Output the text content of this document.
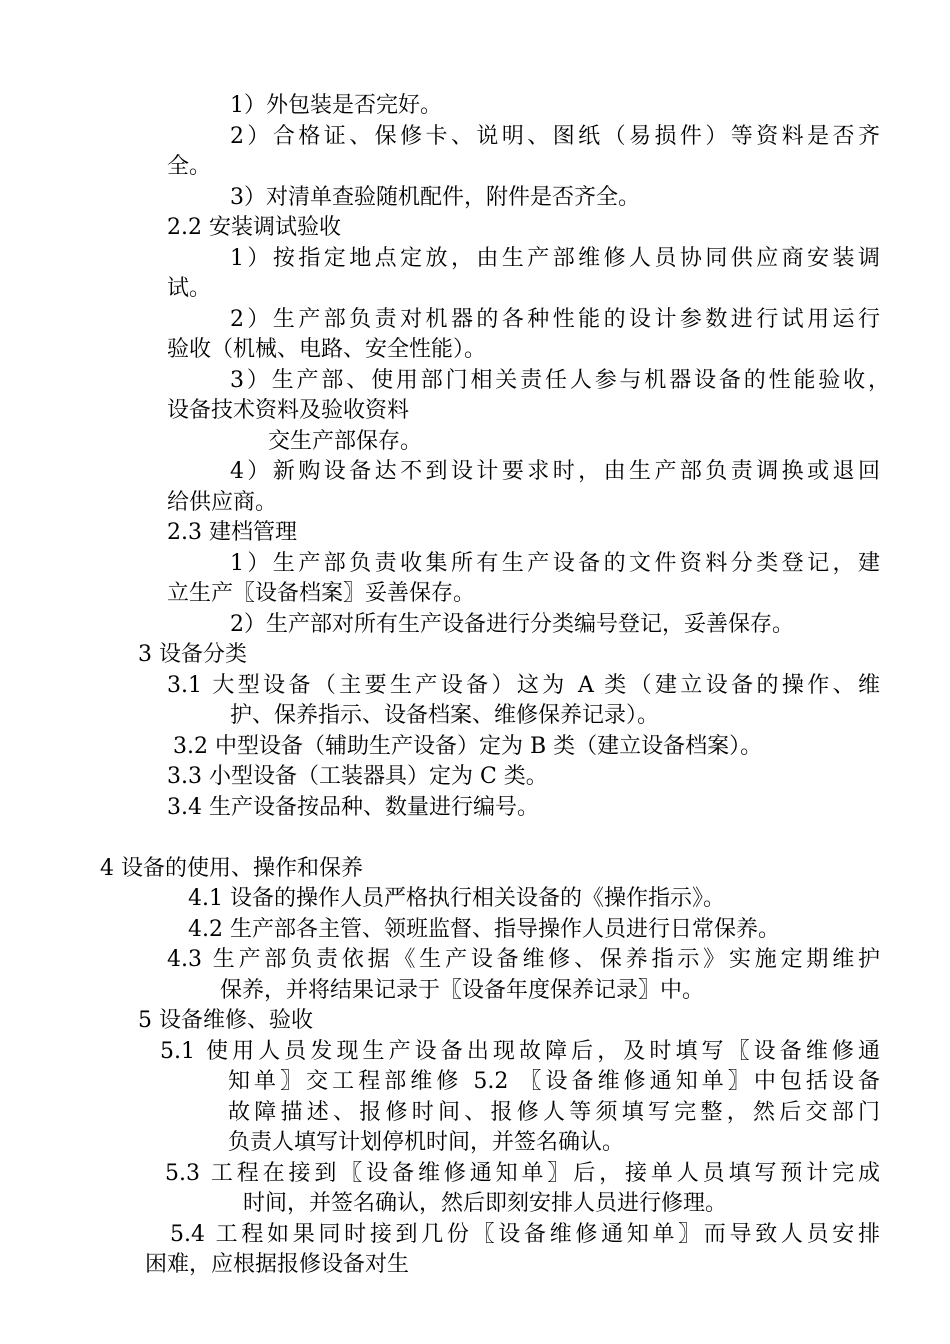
1）外包装是否完好。
2）合格证、保修卡、说明、图纸（易损件）等资料是否齐
全。
3）对清单查验随机配件，附件是否齐全。
2.2 安装调试验收
1）按指定地点定放，由生产部维修人员协同供应商安装调
试。
2）生产部负责对机器的各种性能的设计参数进行试用运行
验收（机械、电路、安全性能）。
3）生产部、使用部门相关责任人参与机器设备的性能验收，
设备技术资料及验收资料
交生产部保存。
4）新购设备达不到设计要求时，由生产部负责调换或退回
给供应商。
2.3 建档管理
1）生产部负责收集所有生产设备的文件资料分类登记，建
立生产〖设备档案〗妥善保存。
2）生产部对所有生产设备进行分类编号登记，妥善保存。
3 设备分类
3.1 大型设备（主要生产设备）这为 A 类（建立设备的操作、维
护、保养指示、设备档案、维修保养记录）。
3.2 中型设备（辅助生产设备）定为 B 类（建立设备档案）。
3.3 小型设备（工装器具）定为 C 类。
3.4 生产设备按品种、数量进行编号。
4 设备的使用、操作和保养
4.1 设备的操作人员严格执行相关设备的《操作指示》。
4.2 生产部各主管、领班监督、指导操作人员进行日常保养。
4.3 生产部负责依据《生产设备维修、保养指示》实施定期维护
保养，并将结果记录于〖设备年度保养记录〗中。
5 设备维修、验收
5.1 使用人员发现生产设备出现故障后，及时填写〖设备维修通
知单〗交工程部维修 5.2 〖设备维修通知单〗中包括设备
故障描述、报修时间、报修人等须填写完整，然后交部门
负责人填写计划停机时间，并签名确认。
5.3 工程在接到〖设备维修通知单〗后，接单人员填写预计完成
时间，并签名确认，然后即刻安排人员进行修理。
5.4 工程如果同时接到几份〖设备维修通知单〗而导致人员安排
困难，应根据报修设备对生
